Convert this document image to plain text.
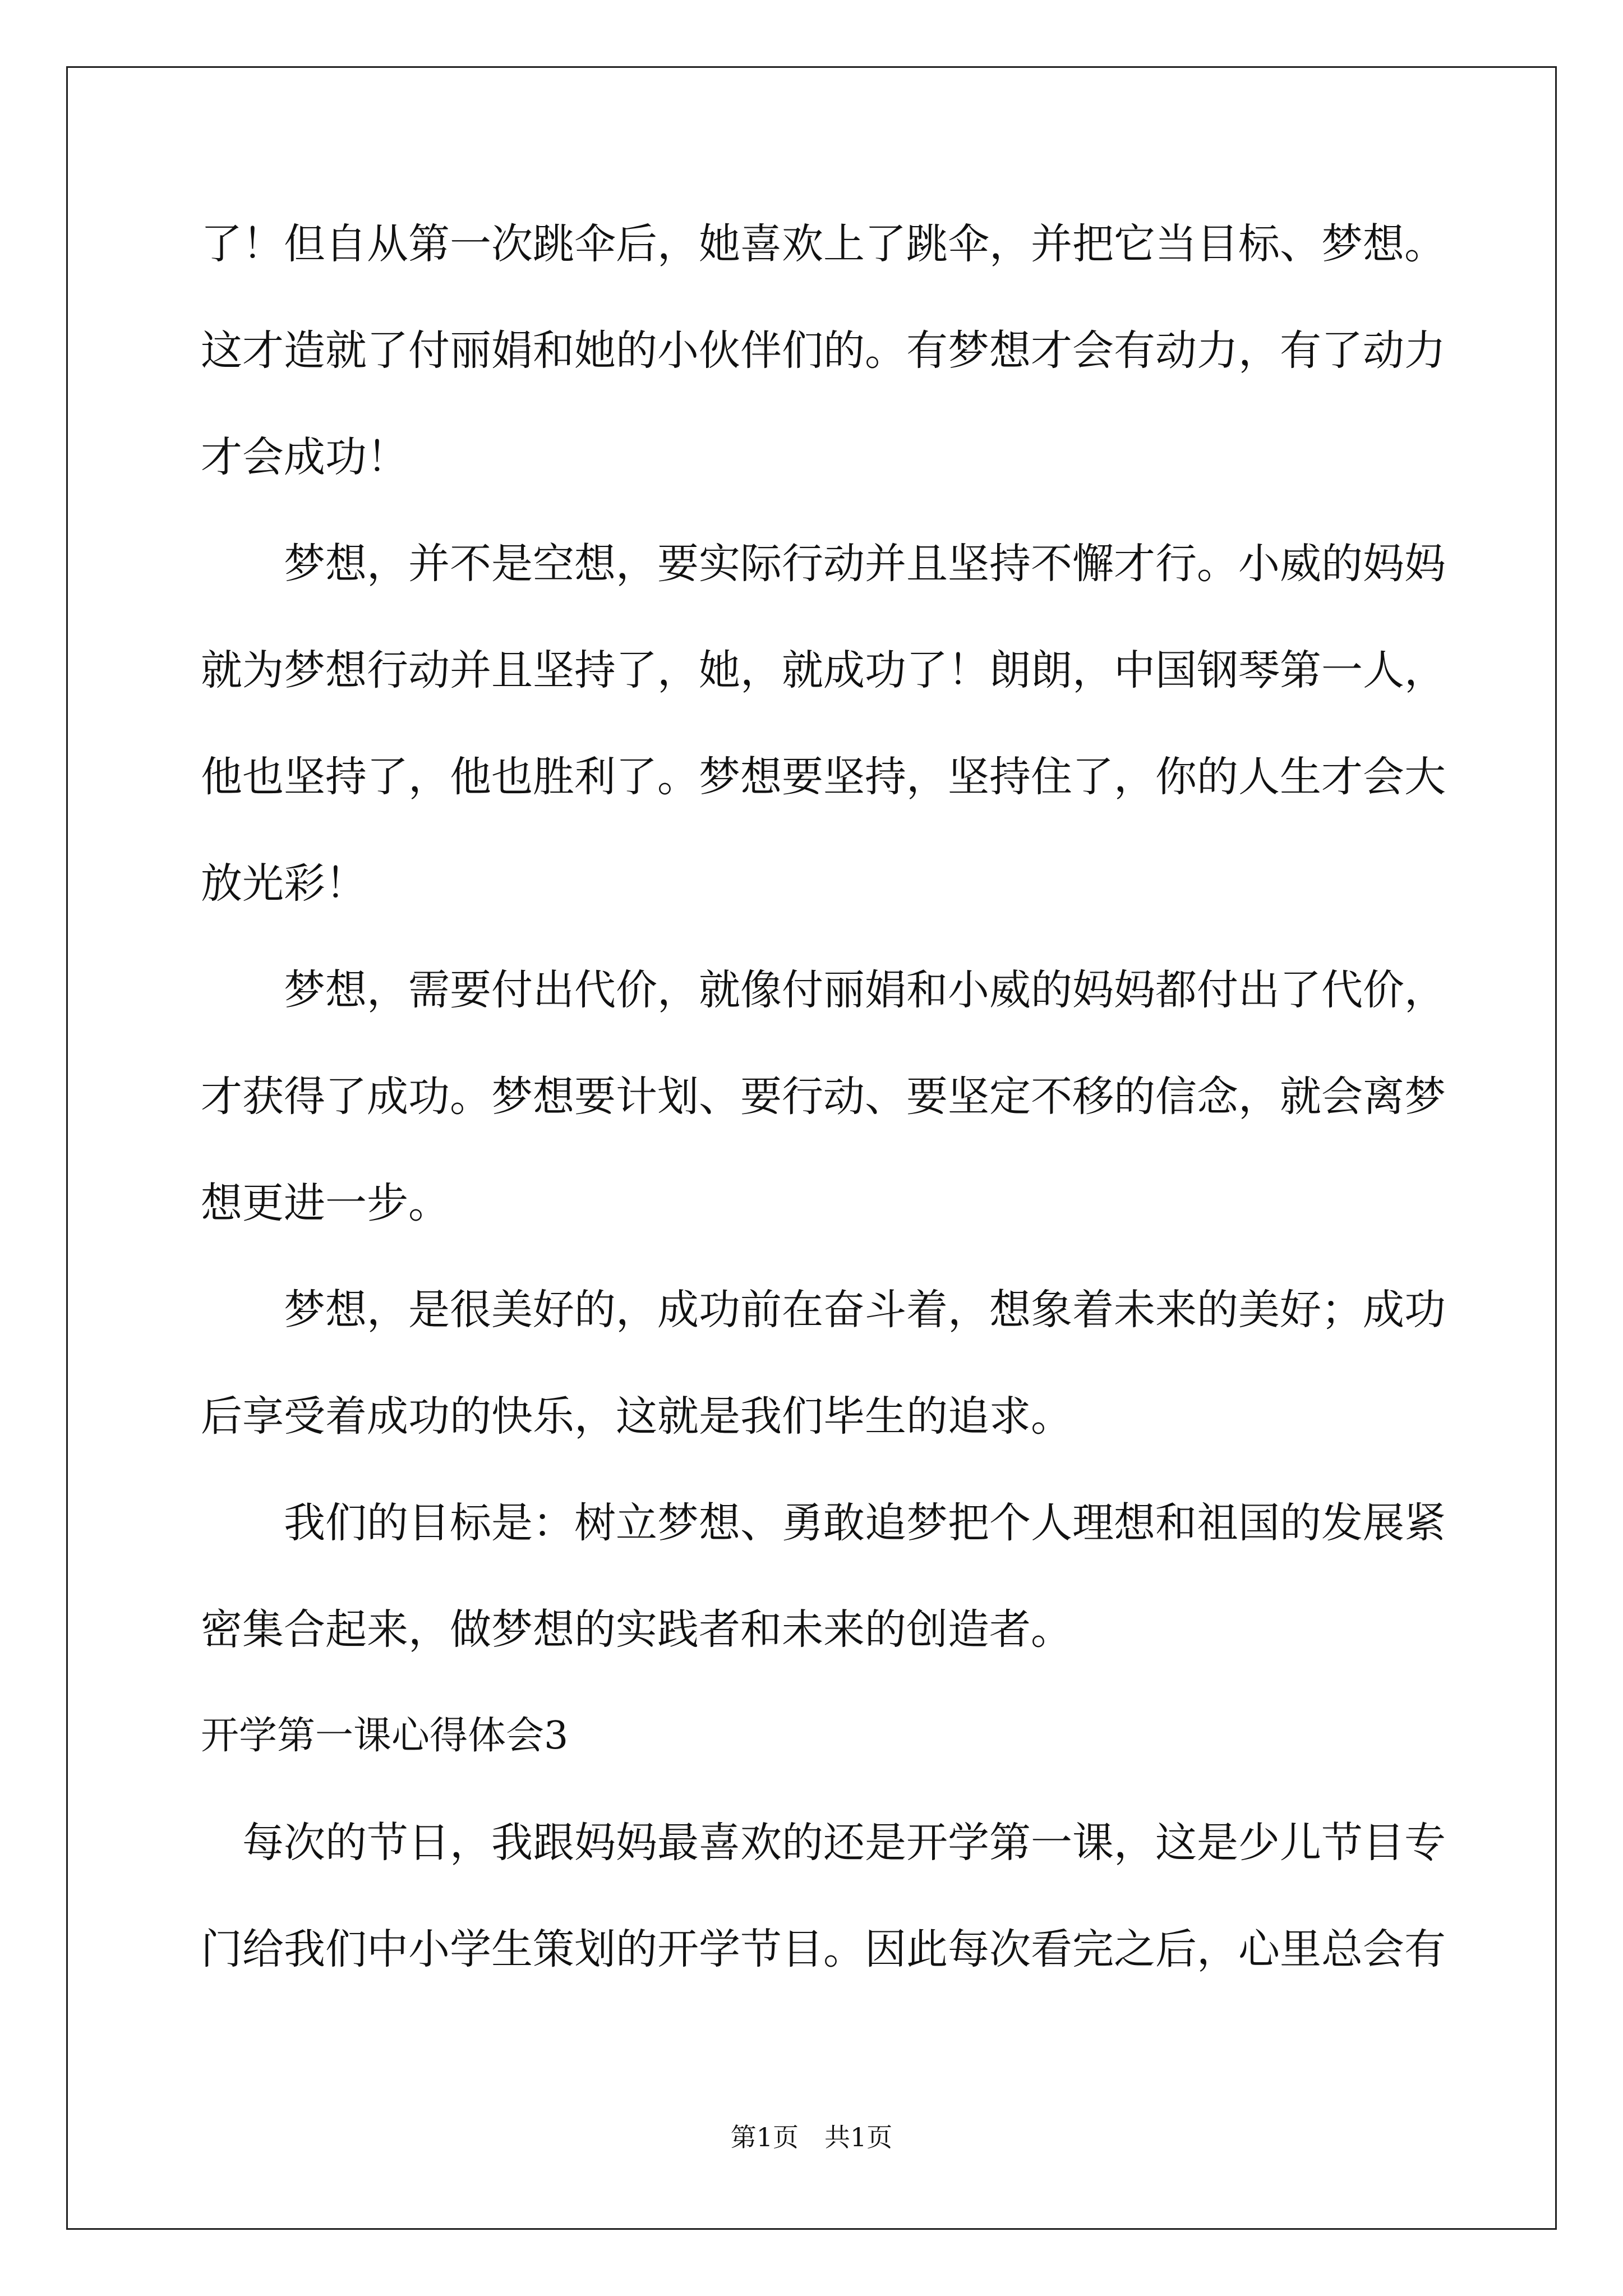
了！但自从第一次跳伞后，她喜欢上了跳伞，并把它当目标、梦想。
这才造就了付丽娟和她的小伙伴们的。有梦想才会有动力，有了动力
才会成功！
　　梦想，并不是空想，要实际行动并且坚持不懈才行。小威的妈妈
就为梦想行动并且坚持了，她，就成功了！朗朗，中国钢琴第一人，
他也坚持了，他也胜利了。梦想要坚持，坚持住了，你的人生才会大
放光彩！
　　梦想，需要付出代价，就像付丽娟和小威的妈妈都付出了代价，
才获得了成功。梦想要计划、要行动、要坚定不移的信念，就会离梦
想更进一步。
　　梦想，是很美好的，成功前在奋斗着，想象着未来的美好；成功
后享受着成功的快乐，这就是我们毕生的追求。
　　我们的目标是：树立梦想、勇敢追梦把个人理想和祖国的发展紧
密集合起来，做梦想的实践者和未来的创造者。
开学第一课心得体会3
　每次的节日，我跟妈妈最喜欢的还是开学第一课，这是少儿节目专
门给我们中小学生策划的开学节目。因此每次看完之后，心里总会有
第1页　共1页
